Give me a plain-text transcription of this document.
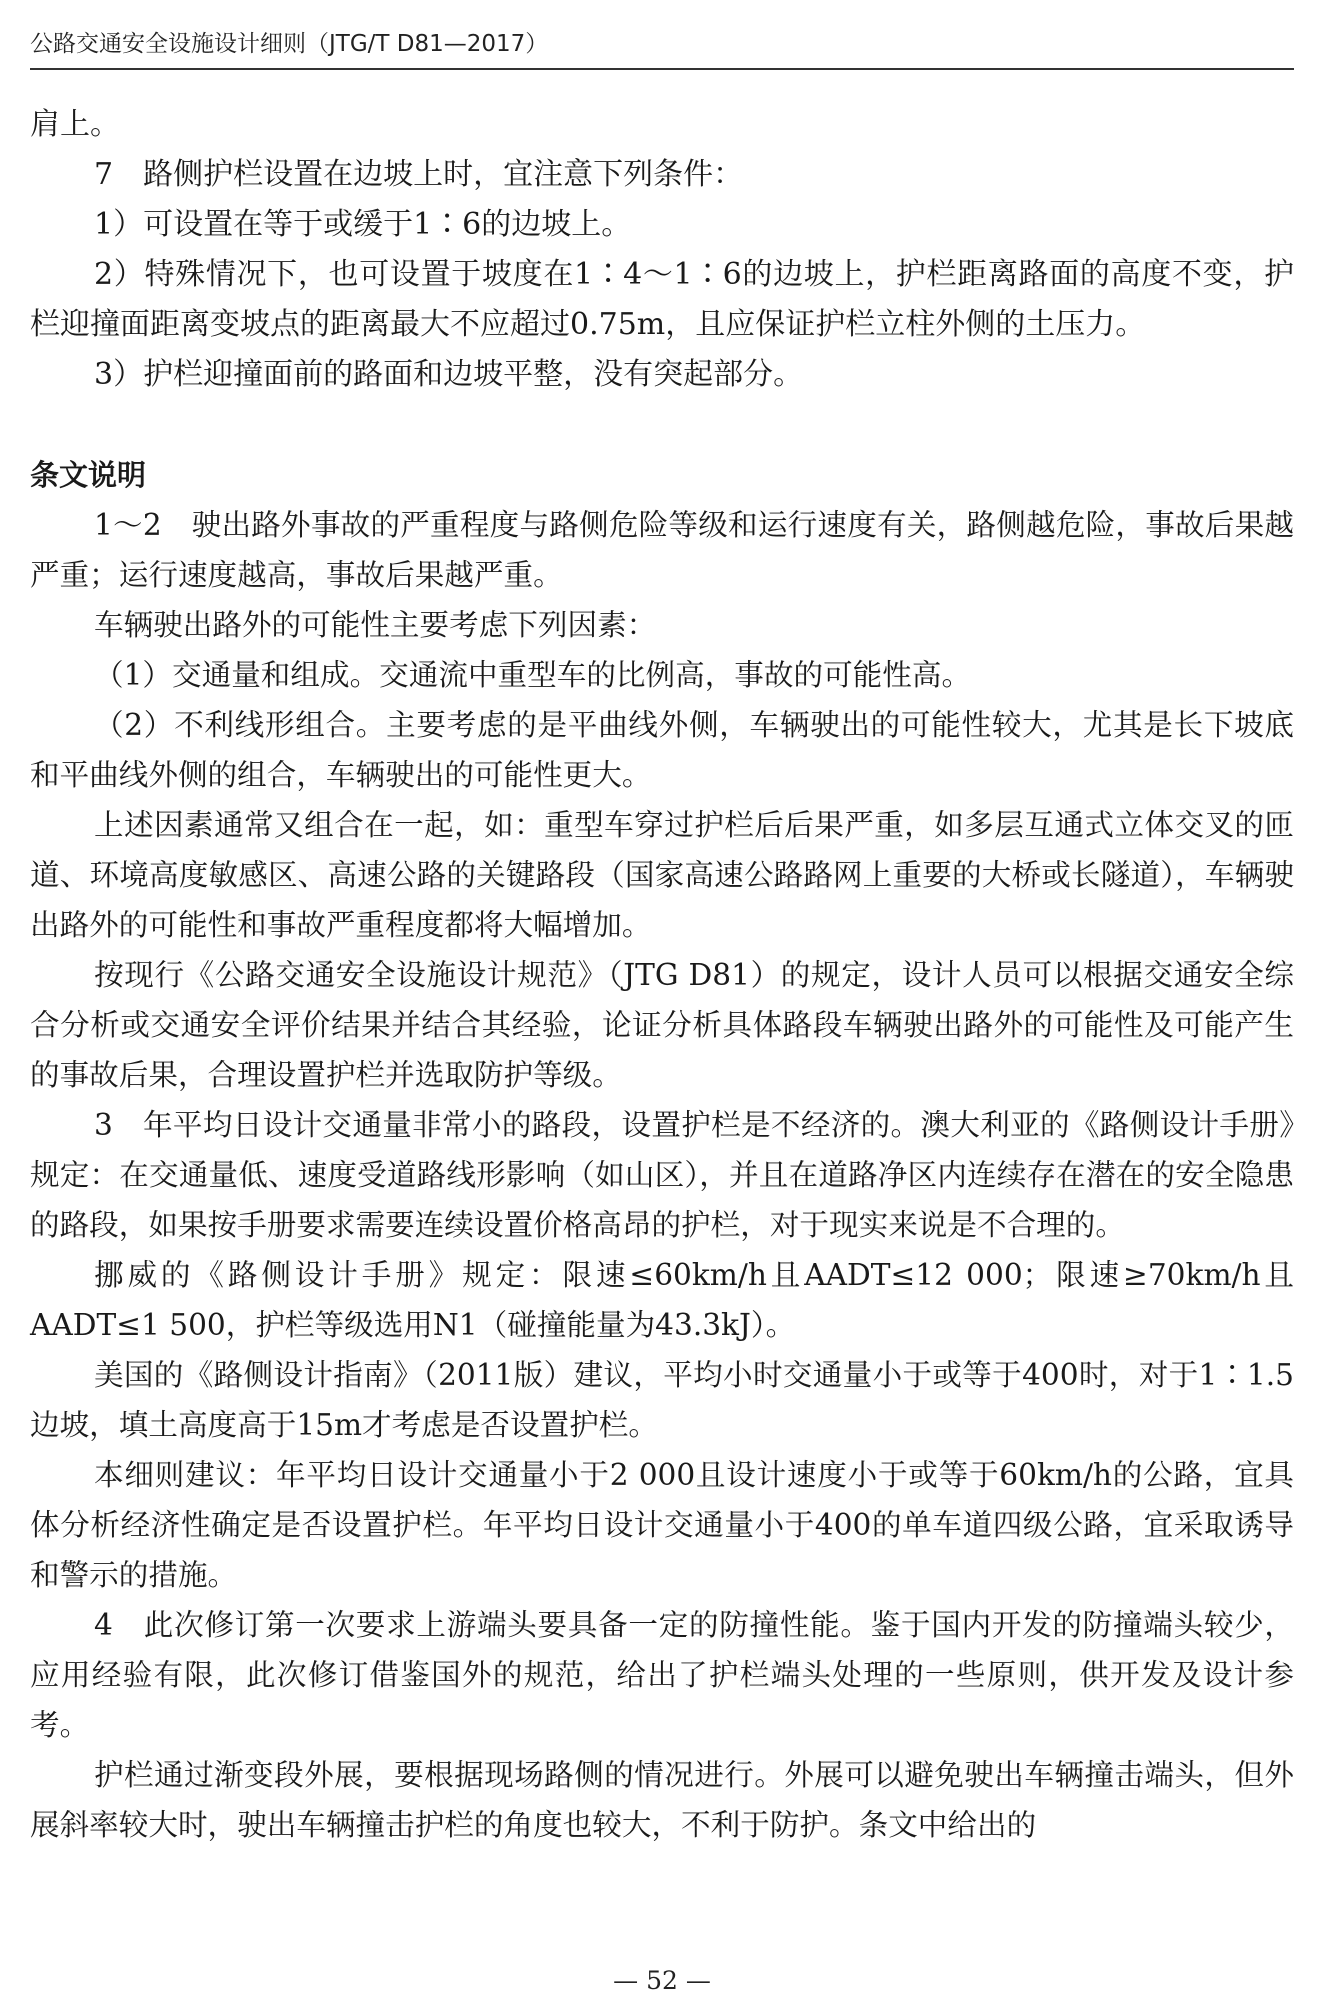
公路交通安全设施设计细则（JTG/T D81—2017）

肩上。

7　路侧护栏设置在边坡上时，宜注意下列条件：

1）可设置在等于或缓于1∶6的边坡上。

2）特殊情况下，也可设置于坡度在1∶4～1∶6的边坡上，护栏距离路面的高度不变，护栏迎撞面距离变坡点的距离最大不应超过0.75m，且应保证护栏立柱外侧的土压力。

3）护栏迎撞面前的路面和边坡平整，没有突起部分。

条文说明

1～2　驶出路外事故的严重程度与路侧危险等级和运行速度有关，路侧越危险，事故后果越严重；运行速度越高，事故后果越严重。

车辆驶出路外的可能性主要考虑下列因素：

（1）交通量和组成。交通流中重型车的比例高，事故的可能性高。

（2）不利线形组合。主要考虑的是平曲线外侧，车辆驶出的可能性较大，尤其是长下坡底和平曲线外侧的组合，车辆驶出的可能性更大。

上述因素通常又组合在一起，如：重型车穿过护栏后后果严重，如多层互通式立体交叉的匝道、环境高度敏感区、高速公路的关键路段（国家高速公路路网上重要的大桥或长隧道），车辆驶出路外的可能性和事故严重程度都将大幅增加。

按现行《公路交通安全设施设计规范》（JTG D81）的规定，设计人员可以根据交通安全综合分析或交通安全评价结果并结合其经验，论证分析具体路段车辆驶出路外的可能性及可能产生的事故后果，合理设置护栏并选取防护等级。

3　年平均日设计交通量非常小的路段，设置护栏是不经济的。澳大利亚的《路侧设计手册》规定：在交通量低、速度受道路线形影响（如山区），并且在道路净区内连续存在潜在的安全隐患的路段，如果按手册要求需要连续设置价格高昂的护栏，对于现实来说是不合理的。

挪威的《路侧设计手册》规定：限速≤60km/h且AADT≤12 000；限速≥70km/h且AADT≤1 500，护栏等级选用N1（碰撞能量为43.3kJ）。

美国的《路侧设计指南》（2011版）建议，平均小时交通量小于或等于400时，对于1∶1.5边坡，填土高度高于15m才考虑是否设置护栏。

本细则建议：年平均日设计交通量小于2 000且设计速度小于或等于60km/h的公路，宜具体分析经济性确定是否设置护栏。年平均日设计交通量小于400的单车道四级公路，宜采取诱导和警示的措施。

4　此次修订第一次要求上游端头要具备一定的防撞性能。鉴于国内开发的防撞端头较少，应用经验有限，此次修订借鉴国外的规范，给出了护栏端头处理的一些原则，供开发及设计参考。

护栏通过渐变段外展，要根据现场路侧的情况进行。外展可以避免驶出车辆撞击端头，但外展斜率较大时，驶出车辆撞击护栏的角度也较大，不利于防护。条文中给出的

— 52 —
